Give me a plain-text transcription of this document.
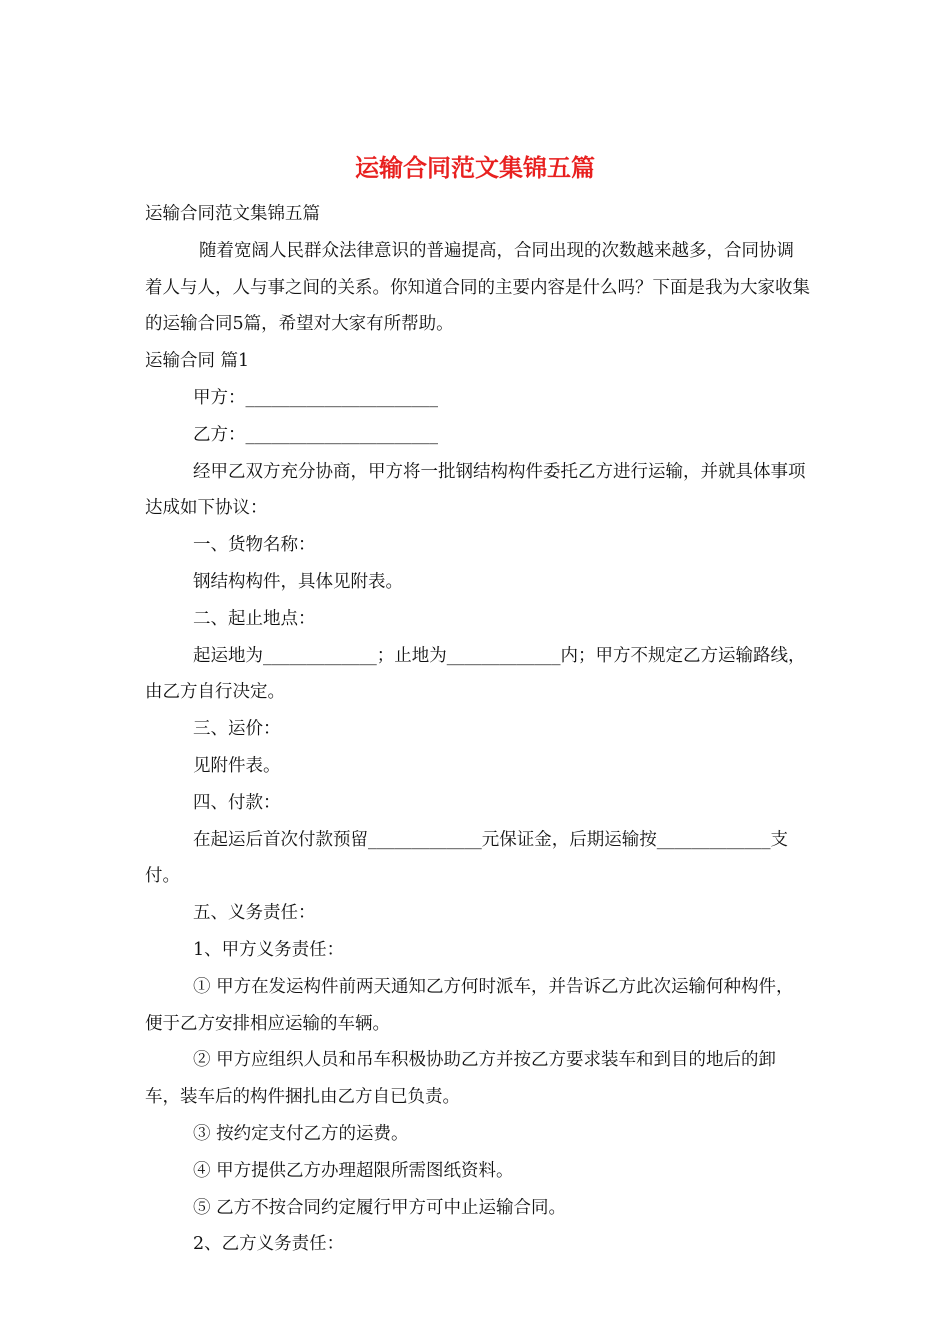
运输合同范文集锦五篇

运输合同范文集锦五篇

随着宽阔人民群众法律意识的普遍提高，合同出现的次数越来越多，合同协调着人与人，人与事之间的关系。你知道合同的主要内容是什么吗？下面是我为大家收集的运输合同5篇，希望对大家有所帮助。

运输合同 篇1

甲方：______________________

乙方：______________________

经甲乙双方充分协商，甲方将一批钢结构构件委托乙方进行运输，并就具体事项达成如下协议：

一、货物名称：

钢结构构件，具体见附表。

二、起止地点：

起运地为_____________；止地为_____________内；甲方不规定乙方运输路线，由乙方自行决定。

三、运价：

见附件表。

四、付款：

在起运后首次付款预留_____________元保证金，后期运输按_____________支付。

五、义务责任：

1、甲方义务责任：

① 甲方在发运构件前两天通知乙方何时派车，并告诉乙方此次运输何种构件，便于乙方安排相应运输的车辆。

② 甲方应组织人员和吊车积极协助乙方并按乙方要求装车和到目的地后的卸车，装车后的构件捆扎由乙方自已负责。

③ 按约定支付乙方的运费。

④ 甲方提供乙方办理超限所需图纸资料。

⑤ 乙方不按合同约定履行甲方可中止运输合同。

2、乙方义务责任：
